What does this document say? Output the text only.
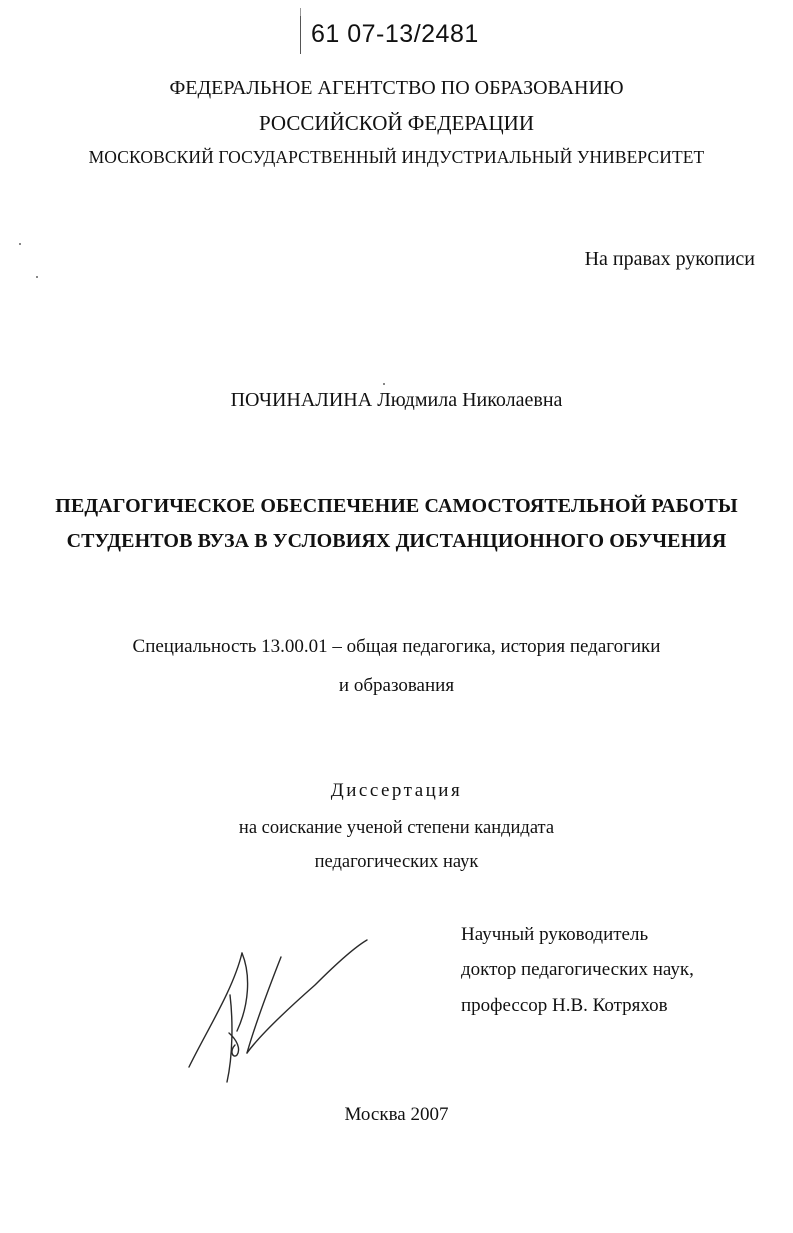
61 07-13/2481
ФЕДЕРАЛЬНОЕ АГЕНТСТВО ПО ОБРАЗОВАНИЮ
РОССИЙСКОЙ ФЕДЕРАЦИИ
МОСКОВСКИЙ ГОСУДАРСТВЕННЫЙ ИНДУСТРИАЛЬНЫЙ УНИВЕРСИТЕТ
На правах рукописи
ПОЧИНАЛИНА Людмила Николаевна
ПЕДАГОГИЧЕСКОЕ ОБЕСПЕЧЕНИЕ САМОСТОЯТЕЛЬНОЙ РАБОТЫ
СТУДЕНТОВ ВУЗА В УСЛОВИЯХ ДИСТАНЦИОННОГО ОБУЧЕНИЯ
Специальность 13.00.01 – общая педагогика, история педагогики
и образования
Диссертация
на соискание ученой степени кандидата
педагогических наук
Научный руководитель
доктор педагогических наук,
профессор Н.В. Котряхов
Москва 2007
